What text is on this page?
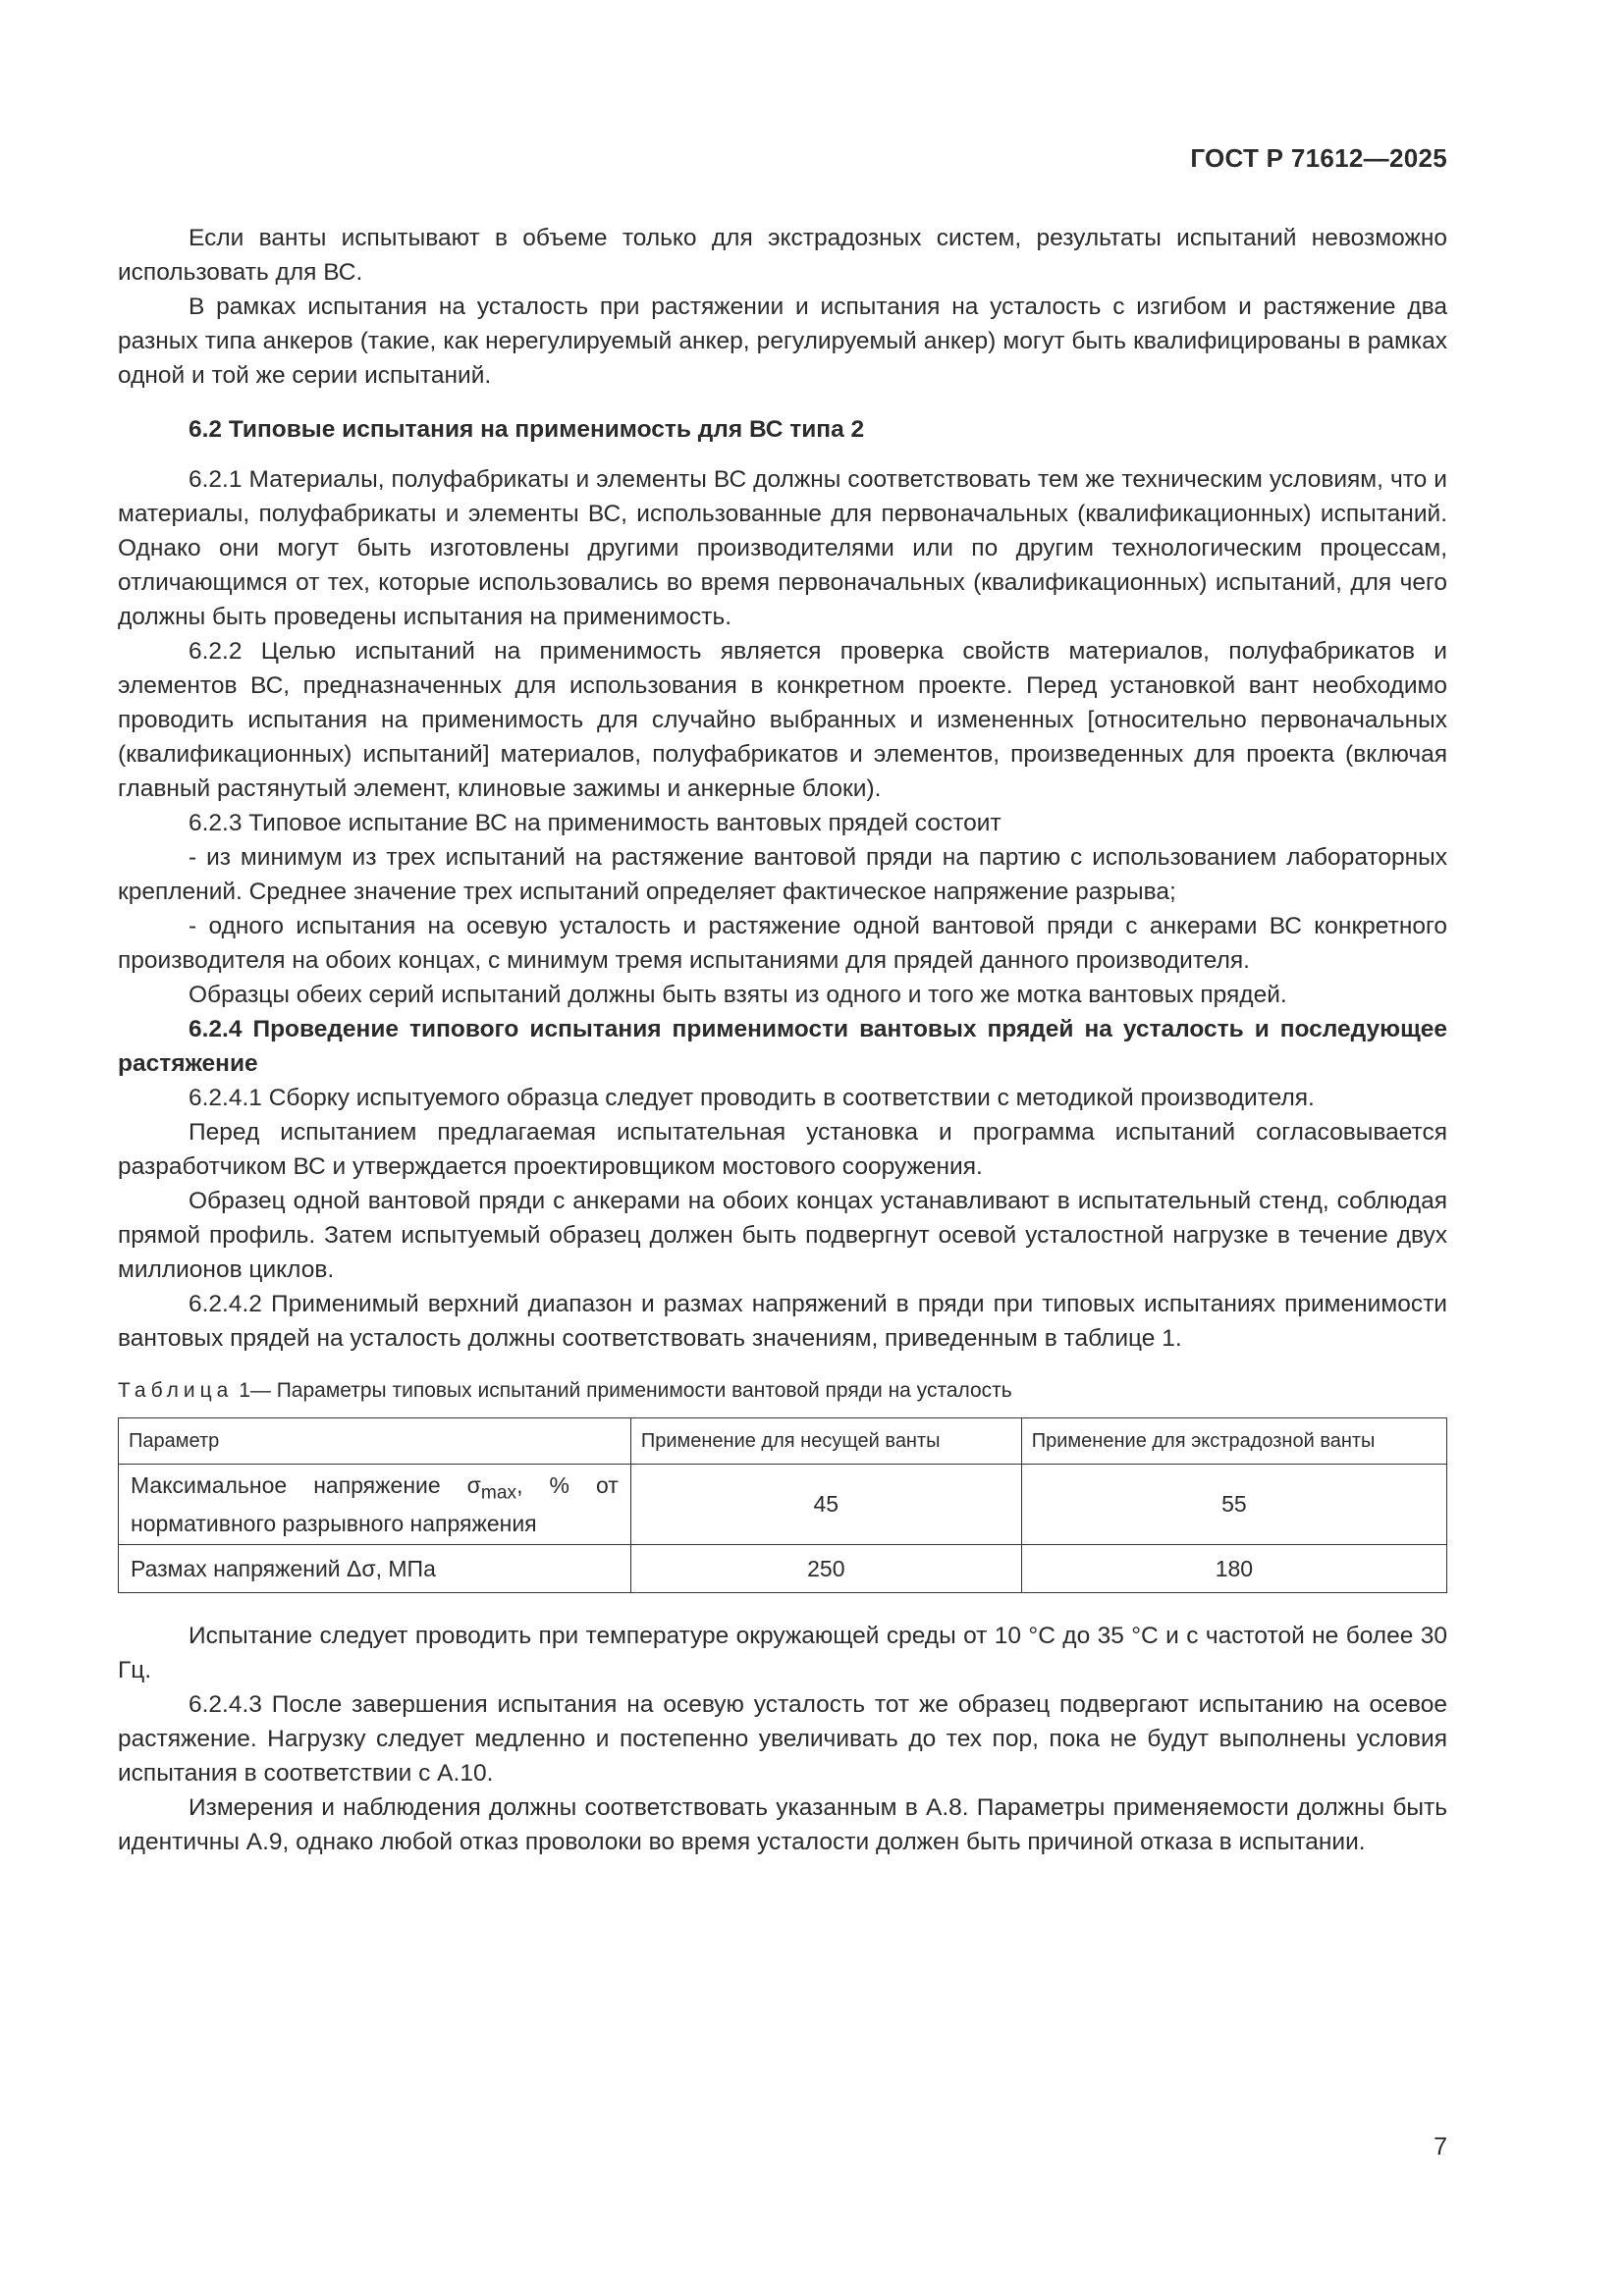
ГОСТ Р 71612—2025

Если ванты испытывают в объеме только для экстрадозных систем, результаты испытаний невозможно использовать для ВС.

В рамках испытания на усталость при растяжении и испытания на усталость с изгибом и растяжение два разных типа анкеров (такие, как нерегулируемый анкер, регулируемый анкер) могут быть квалифицированы в рамках одной и той же серии испытаний.

6.2 Типовые испытания на применимость для ВС типа 2

6.2.1 Материалы, полуфабрикаты и элементы ВС должны соответствовать тем же техническим условиям, что и материалы, полуфабрикаты и элементы ВС, использованные для первоначальных (квалификационных) испытаний. Однако они могут быть изготовлены другими производителями или по другим технологическим процессам, отличающимся от тех, которые использовались во время первоначальных (квалификационных) испытаний, для чего должны быть проведены испытания на применимость.

6.2.2 Целью испытаний на применимость является проверка свойств материалов, полуфабрикатов и элементов ВС, предназначенных для использования в конкретном проекте. Перед установкой вант необходимо проводить испытания на применимость для случайно выбранных и измененных [относительно первоначальных (квалификационных) испытаний] материалов, полуфабрикатов и элементов, произведенных для проекта (включая главный растянутый элемент, клиновые зажимы и анкерные блоки).

6.2.3 Типовое испытание ВС на применимость вантовых прядей состоит

- из минимум из трех испытаний на растяжение вантовой пряди на партию с использованием лабораторных креплений. Среднее значение трех испытаний определяет фактическое напряжение разрыва;

- одного испытания на осевую усталость и растяжение одной вантовой пряди с анкерами ВС конкретного производителя на обоих концах, с минимум тремя испытаниями для прядей данного производителя.

Образцы обеих серий испытаний должны быть взяты из одного и того же мотка вантовых прядей.

6.2.4 Проведение типового испытания применимости вантовых прядей на усталость и последующее растяжение

6.2.4.1 Сборку испытуемого образца следует проводить в соответствии с методикой производителя.

Перед испытанием предлагаемая испытательная установка и программа испытаний согласовывается разработчиком ВС и утверждается проектировщиком мостового сооружения.

Образец одной вантовой пряди с анкерами на обоих концах устанавливают в испытательный стенд, соблюдая прямой профиль. Затем испытуемый образец должен быть подвергнут осевой усталостной нагрузке в течение двух миллионов циклов.

6.2.4.2 Применимый верхний диапазон и размах напряжений в пряди при типовых испытаниях применимости вантовых прядей на усталость должны соответствовать значениям, приведенным в таблице 1.

Таблица 1— Параметры типовых испытаний применимости вантовой пряди на усталость

Параметр	Применение для несущей ванты	Применение для экстрадозной ванты
Максимальное напряжение $\sigma_{max}$, % от нормативного разрывного напряжения	45	55
Размах напряжений Δσ, МПа	250	180

Испытание следует проводить при температуре окружающей среды от 10 °С до 35 °С и с частотой не более 30 Гц.

6.2.4.3 После завершения испытания на осевую усталость тот же образец подвергают испытанию на осевое растяжение. Нагрузку следует медленно и постепенно увеличивать до тех пор, пока не будут выполнены условия испытания в соответствии с А.10.

Измерения и наблюдения должны соответствовать указанным в А.8. Параметры применяемости должны быть идентичны А.9, однако любой отказ проволоки во время усталости должен быть причиной отказа в испытании.

7
